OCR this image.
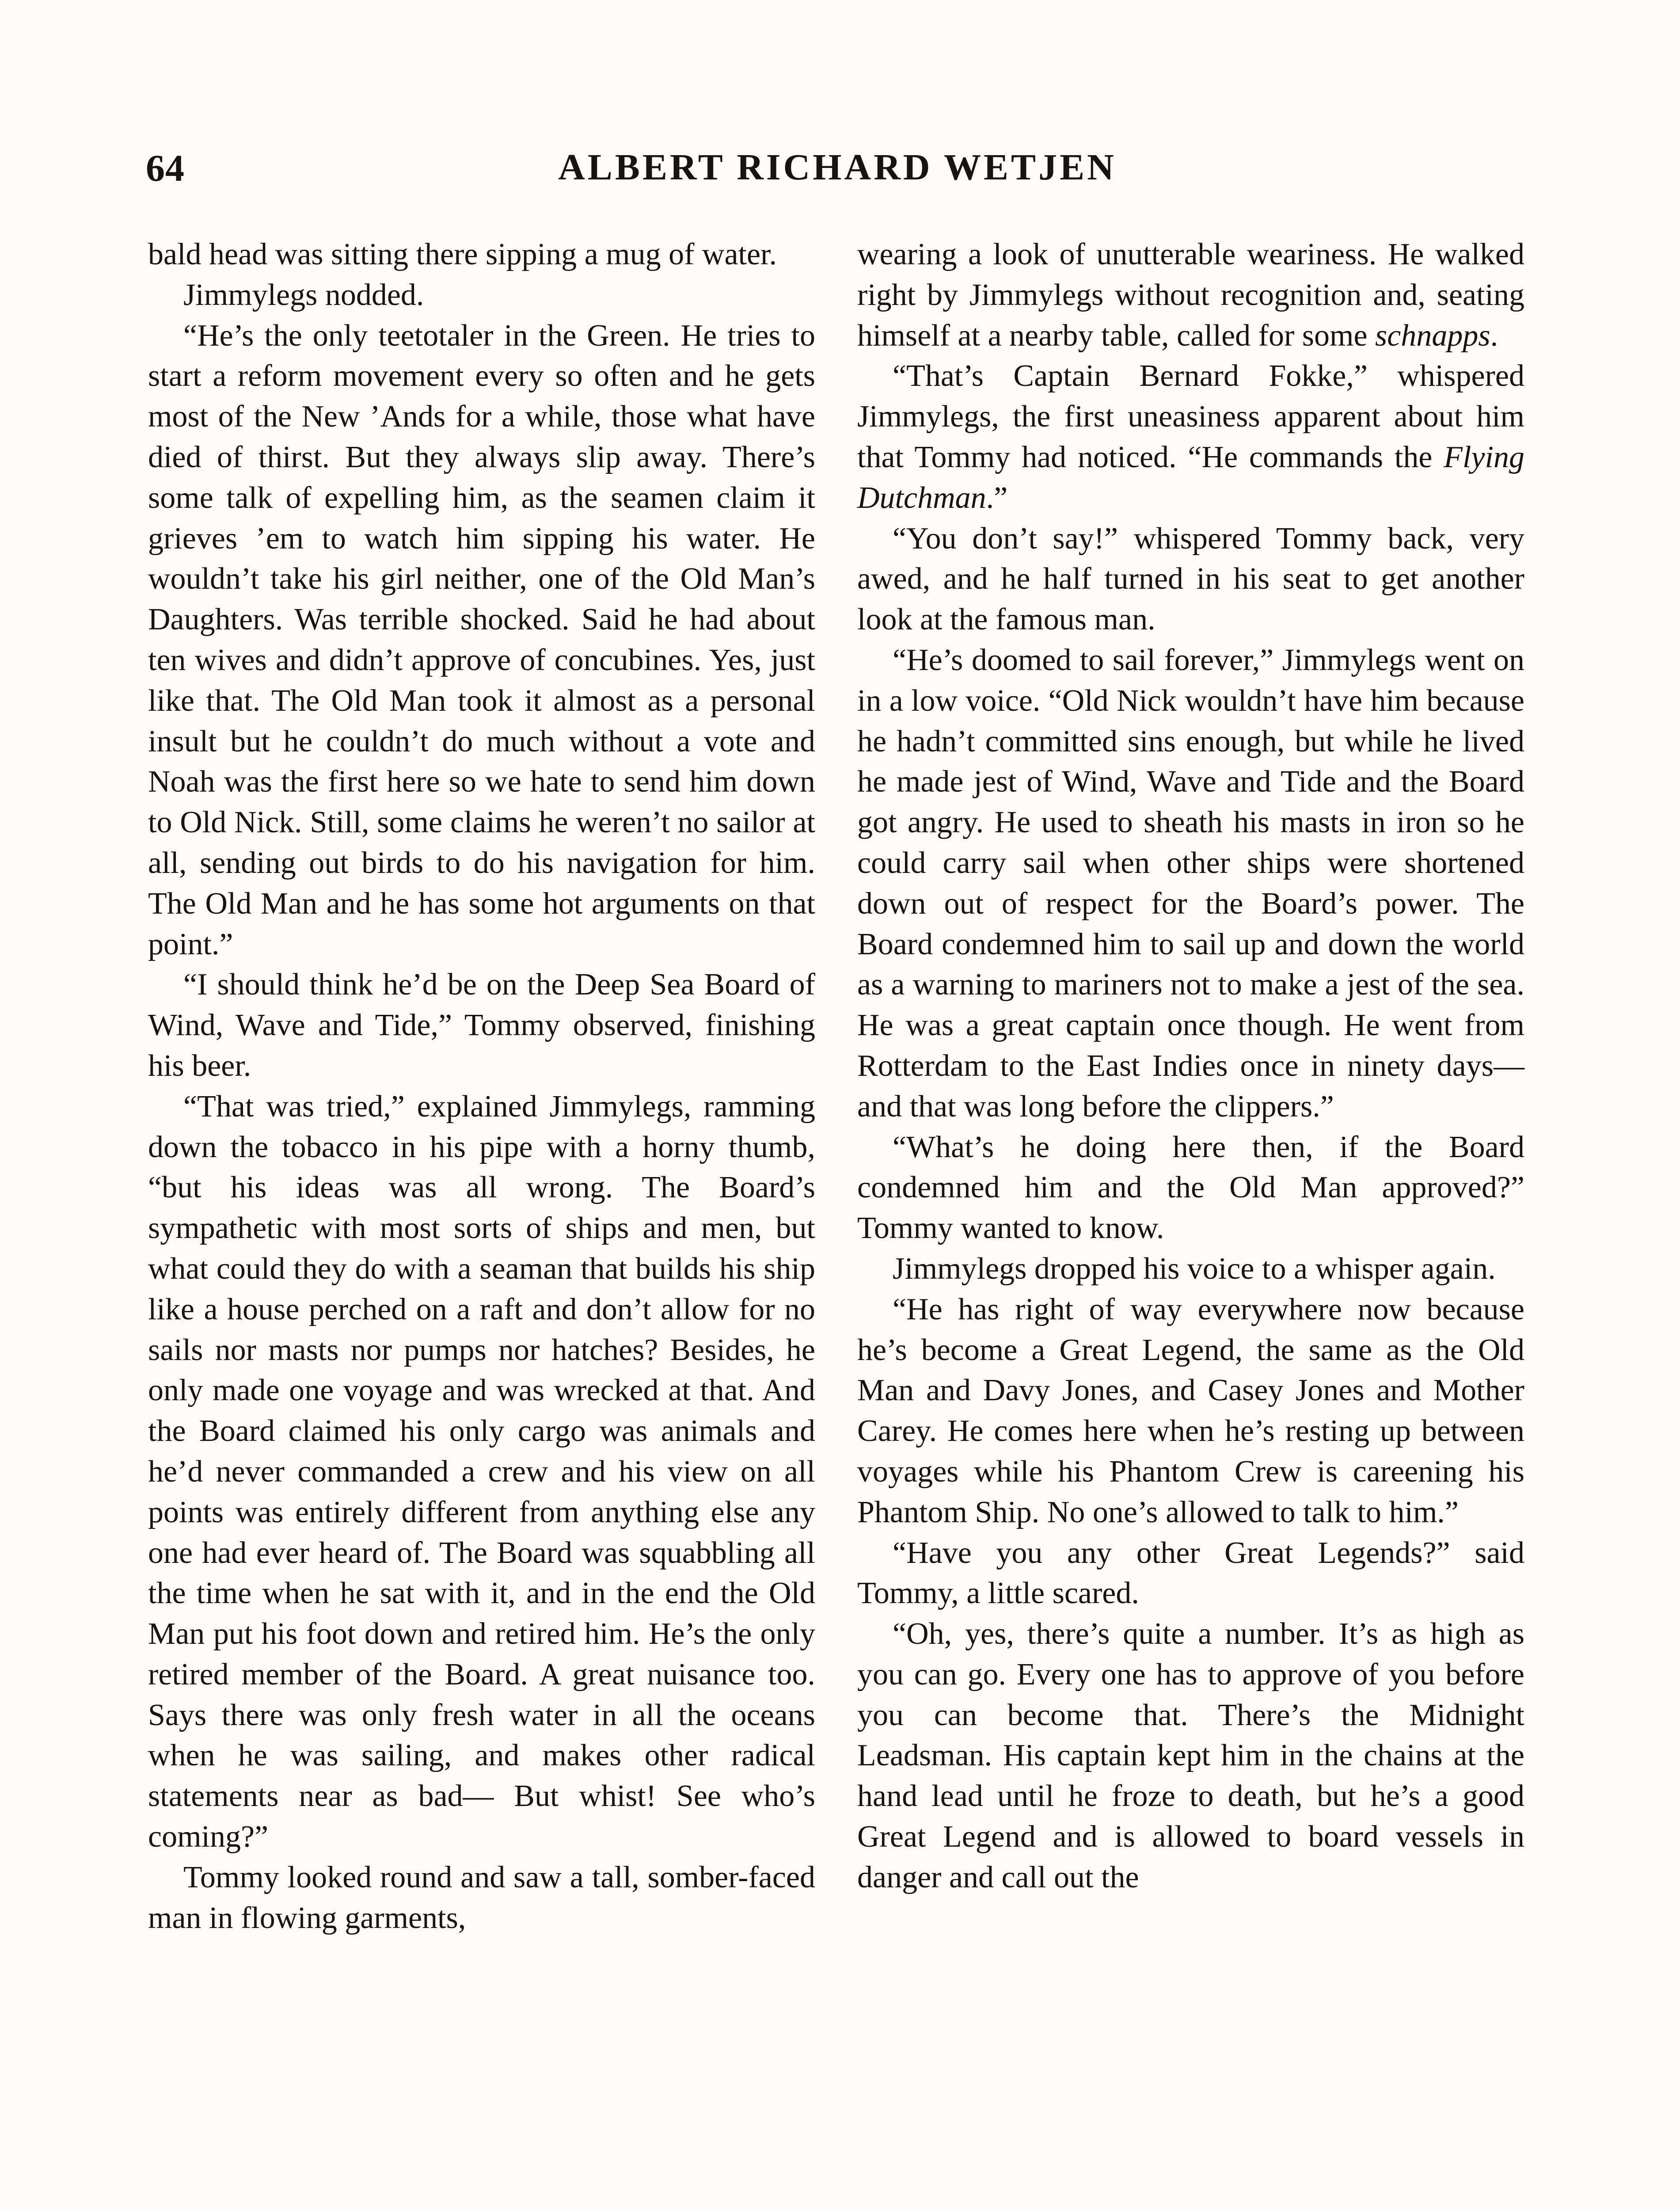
64	ALBERT RICHARD WETJEN

bald head was sitting there sipping a mug of water.

Jimmylegs nodded.

“He’s the only teetotaler in the Green. He tries to start a reform movement every so often and he gets most of the New ’Ands for a while, those what have died of thirst. But they always slip away. There’s some talk of expelling him, as the seamen claim it grieves ’em to watch him sipping his water. He wouldn’t take his girl neither, one of the Old Man’s Daughters. Was terrible shocked. Said he had about ten wives and didn’t approve of concubines. Yes, just like that. The Old Man took it almost as a personal insult but he couldn’t do much without a vote and Noah was the first here so we hate to send him down to Old Nick. Still, some claims he weren’t no sailor at all, sending out birds to do his navigation for him. The Old Man and he has some hot arguments on that point.”

“I should think he’d be on the Deep Sea Board of Wind, Wave and Tide,” Tommy observed, finishing his beer.

“That was tried,” explained Jimmylegs, ramming down the tobacco in his pipe with a horny thumb, “but his ideas was all wrong. The Board’s sympathetic with most sorts of ships and men, but what could they do with a seaman that builds his ship like a house perched on a raft and don’t allow for no sails nor masts nor pumps nor hatches? Besides, he only made one voyage and was wrecked at that. And the Board claimed his only cargo was animals and he’d never commanded a crew and his view on all points was entirely different from anything else any one had ever heard of. The Board was squabbling all the time when he sat with it, and in the end the Old Man put his foot down and retired him. He’s the only retired member of the Board. A great nuisance too. Says there was only fresh water in all the oceans when he was sailing, and makes other radical statements near as bad— But whist! See who’s coming?”

Tommy looked round and saw a tall, somber-faced man in flowing garments,

wearing a look of unutterable weariness. He walked right by Jimmylegs without recognition and, seating himself at a nearby table, called for some schnapps.

“That’s Captain Bernard Fokke,” whispered Jimmylegs, the first uneasiness apparent about him that Tommy had noticed. “He commands the Flying Dutchman.”

“You don’t say!” whispered Tommy back, very awed, and he half turned in his seat to get another look at the famous man.

“He’s doomed to sail forever,” Jimmylegs went on in a low voice. “Old Nick wouldn’t have him because he hadn’t committed sins enough, but while he lived he made jest of Wind, Wave and Tide and the Board got angry. He used to sheath his masts in iron so he could carry sail when other ships were shortened down out of respect for the Board’s power. The Board condemned him to sail up and down the world as a warning to mariners not to make a jest of the sea. He was a great captain once though. He went from Rotterdam to the East Indies once in ninety days—and that was long before the clippers.”

“What’s he doing here then, if the Board condemned him and the Old Man approved?” Tommy wanted to know.

Jimmylegs dropped his voice to a whisper again.

“He has right of way everywhere now because he’s become a Great Legend, the same as the Old Man and Davy Jones, and Casey Jones and Mother Carey. He comes here when he’s resting up between voyages while his Phantom Crew is careening his Phantom Ship. No one’s allowed to talk to him.”

“Have you any other Great Legends?” said Tommy, a little scared.

“Oh, yes, there’s quite a number. It’s as high as you can go. Every one has to approve of you before you can become that. There’s the Midnight Leadsman. His captain kept him in the chains at the hand lead until he froze to death, but he’s a good Great Legend and is allowed to board vessels in danger and call out the
